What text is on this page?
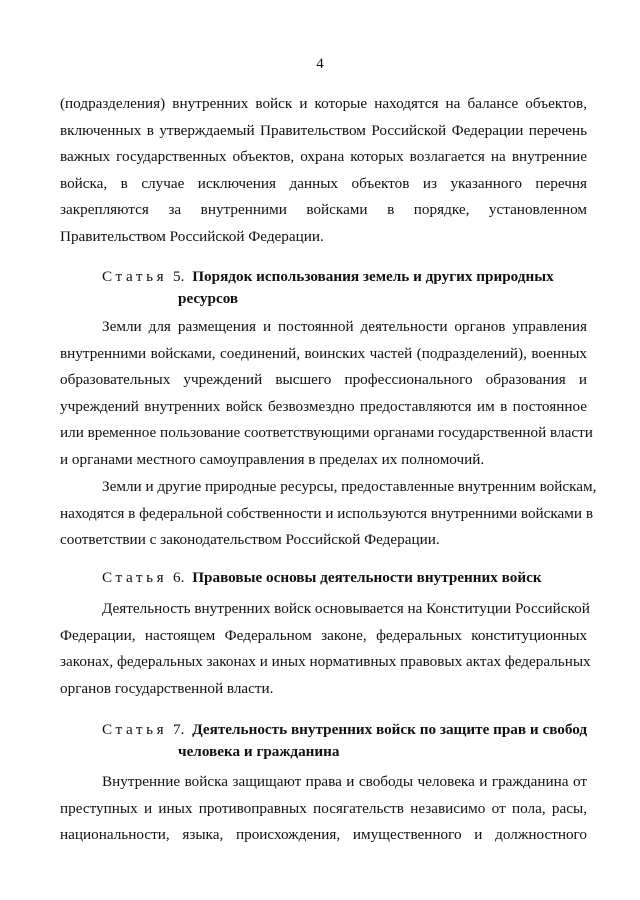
4
(подразделения) внутренних войск и которые находятся на балансе объектов,
включенных в утверждаемый Правительством Российской Федерации перечень
важных государственных объектов, охрана которых возлагается на внутренние
войска, в случае исключения данных объектов из указанного перечня
закрепляются за внутренними войсками в порядке, установленном
Правительством Российской Федерации.
Статья 5. Порядок использования земель и других природных
ресурсов
Земли для размещения и постоянной деятельности органов управления
внутренними войсками, соединений, воинских частей (подразделений), военных
образовательных учреждений высшего профессионального образования и
учреждений внутренних войск безвозмездно предоставляются им в постоянное
или временное пользование соответствующими органами государственной власти
и органами местного самоуправления в пределах их полномочий.
Земли и другие природные ресурсы, предоставленные внутренним войскам,
находятся в федеральной собственности и используются внутренними войсками в
соответствии с законодательством Российской Федерации.
Статья 6. Правовые основы деятельности внутренних войск
Деятельность внутренних войск основывается на Конституции Российской
Федерации, настоящем Федеральном законе, федеральных конституционных
законах, федеральных законах и иных нормативных правовых актах федеральных
органов государственной власти.
Статья 7. Деятельность внутренних войск по защите прав и свобод
человека и гражданина
Внутренние войска защищают права и свободы человека и гражданина от
преступных и иных противоправных посягательств независимо от пола, расы,
национальности, языка, происхождения, имущественного и должностного
